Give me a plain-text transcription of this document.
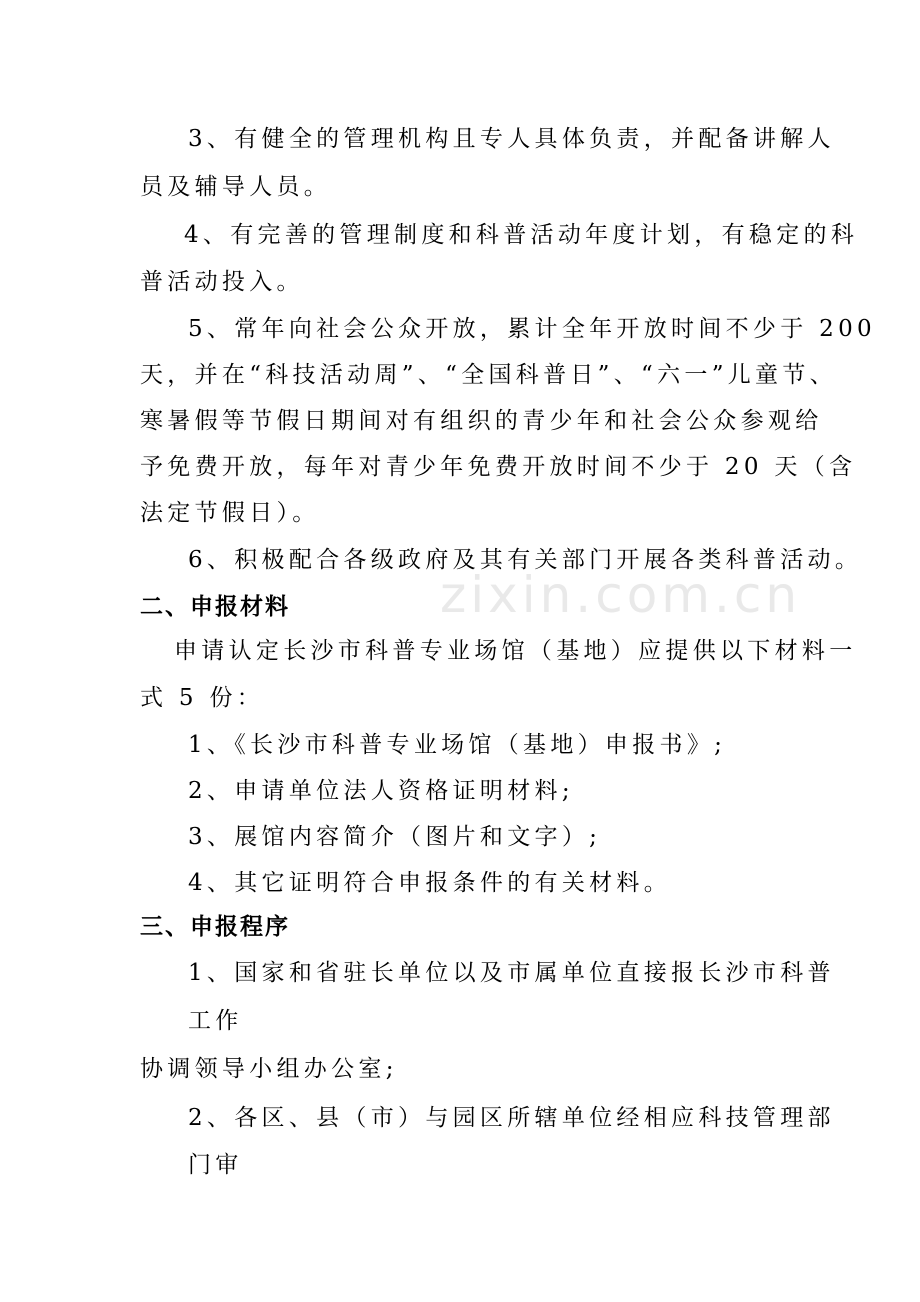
zixin.com.cn
3、有健全的管理机构且专人具体负责，并配备讲解人
员及辅导人员。
4、有完善的管理制度和科普活动年度计划，有稳定的科
普活动投入。
5、常年向社会公众开放，累计全年开放时间不少于 200
天，并在“科技活动周”、“全国科普日”、“六一”儿童节、
寒暑假等节假日期间对有组织的青少年和社会公众参观给
予免费开放，每年对青少年免费开放时间不少于 20 天（含
法定节假日）。
6、积极配合各级政府及其有关部门开展各类科普活动。
二、申报材料
申请认定长沙市科普专业场馆（基地）应提供以下材料一
式 5 份：
1、《长沙市科普专业场馆（基地）申报书》;
2、申请单位法人资格证明材料;
3、展馆内容简介（图片和文字）;
4、其它证明符合申报条件的有关材料。
三、申报程序
1、国家和省驻长单位以及市属单位直接报长沙市科普
工作
协调领导小组办公室;
2、各区、县（市）与园区所辖单位经相应科技管理部
门审
